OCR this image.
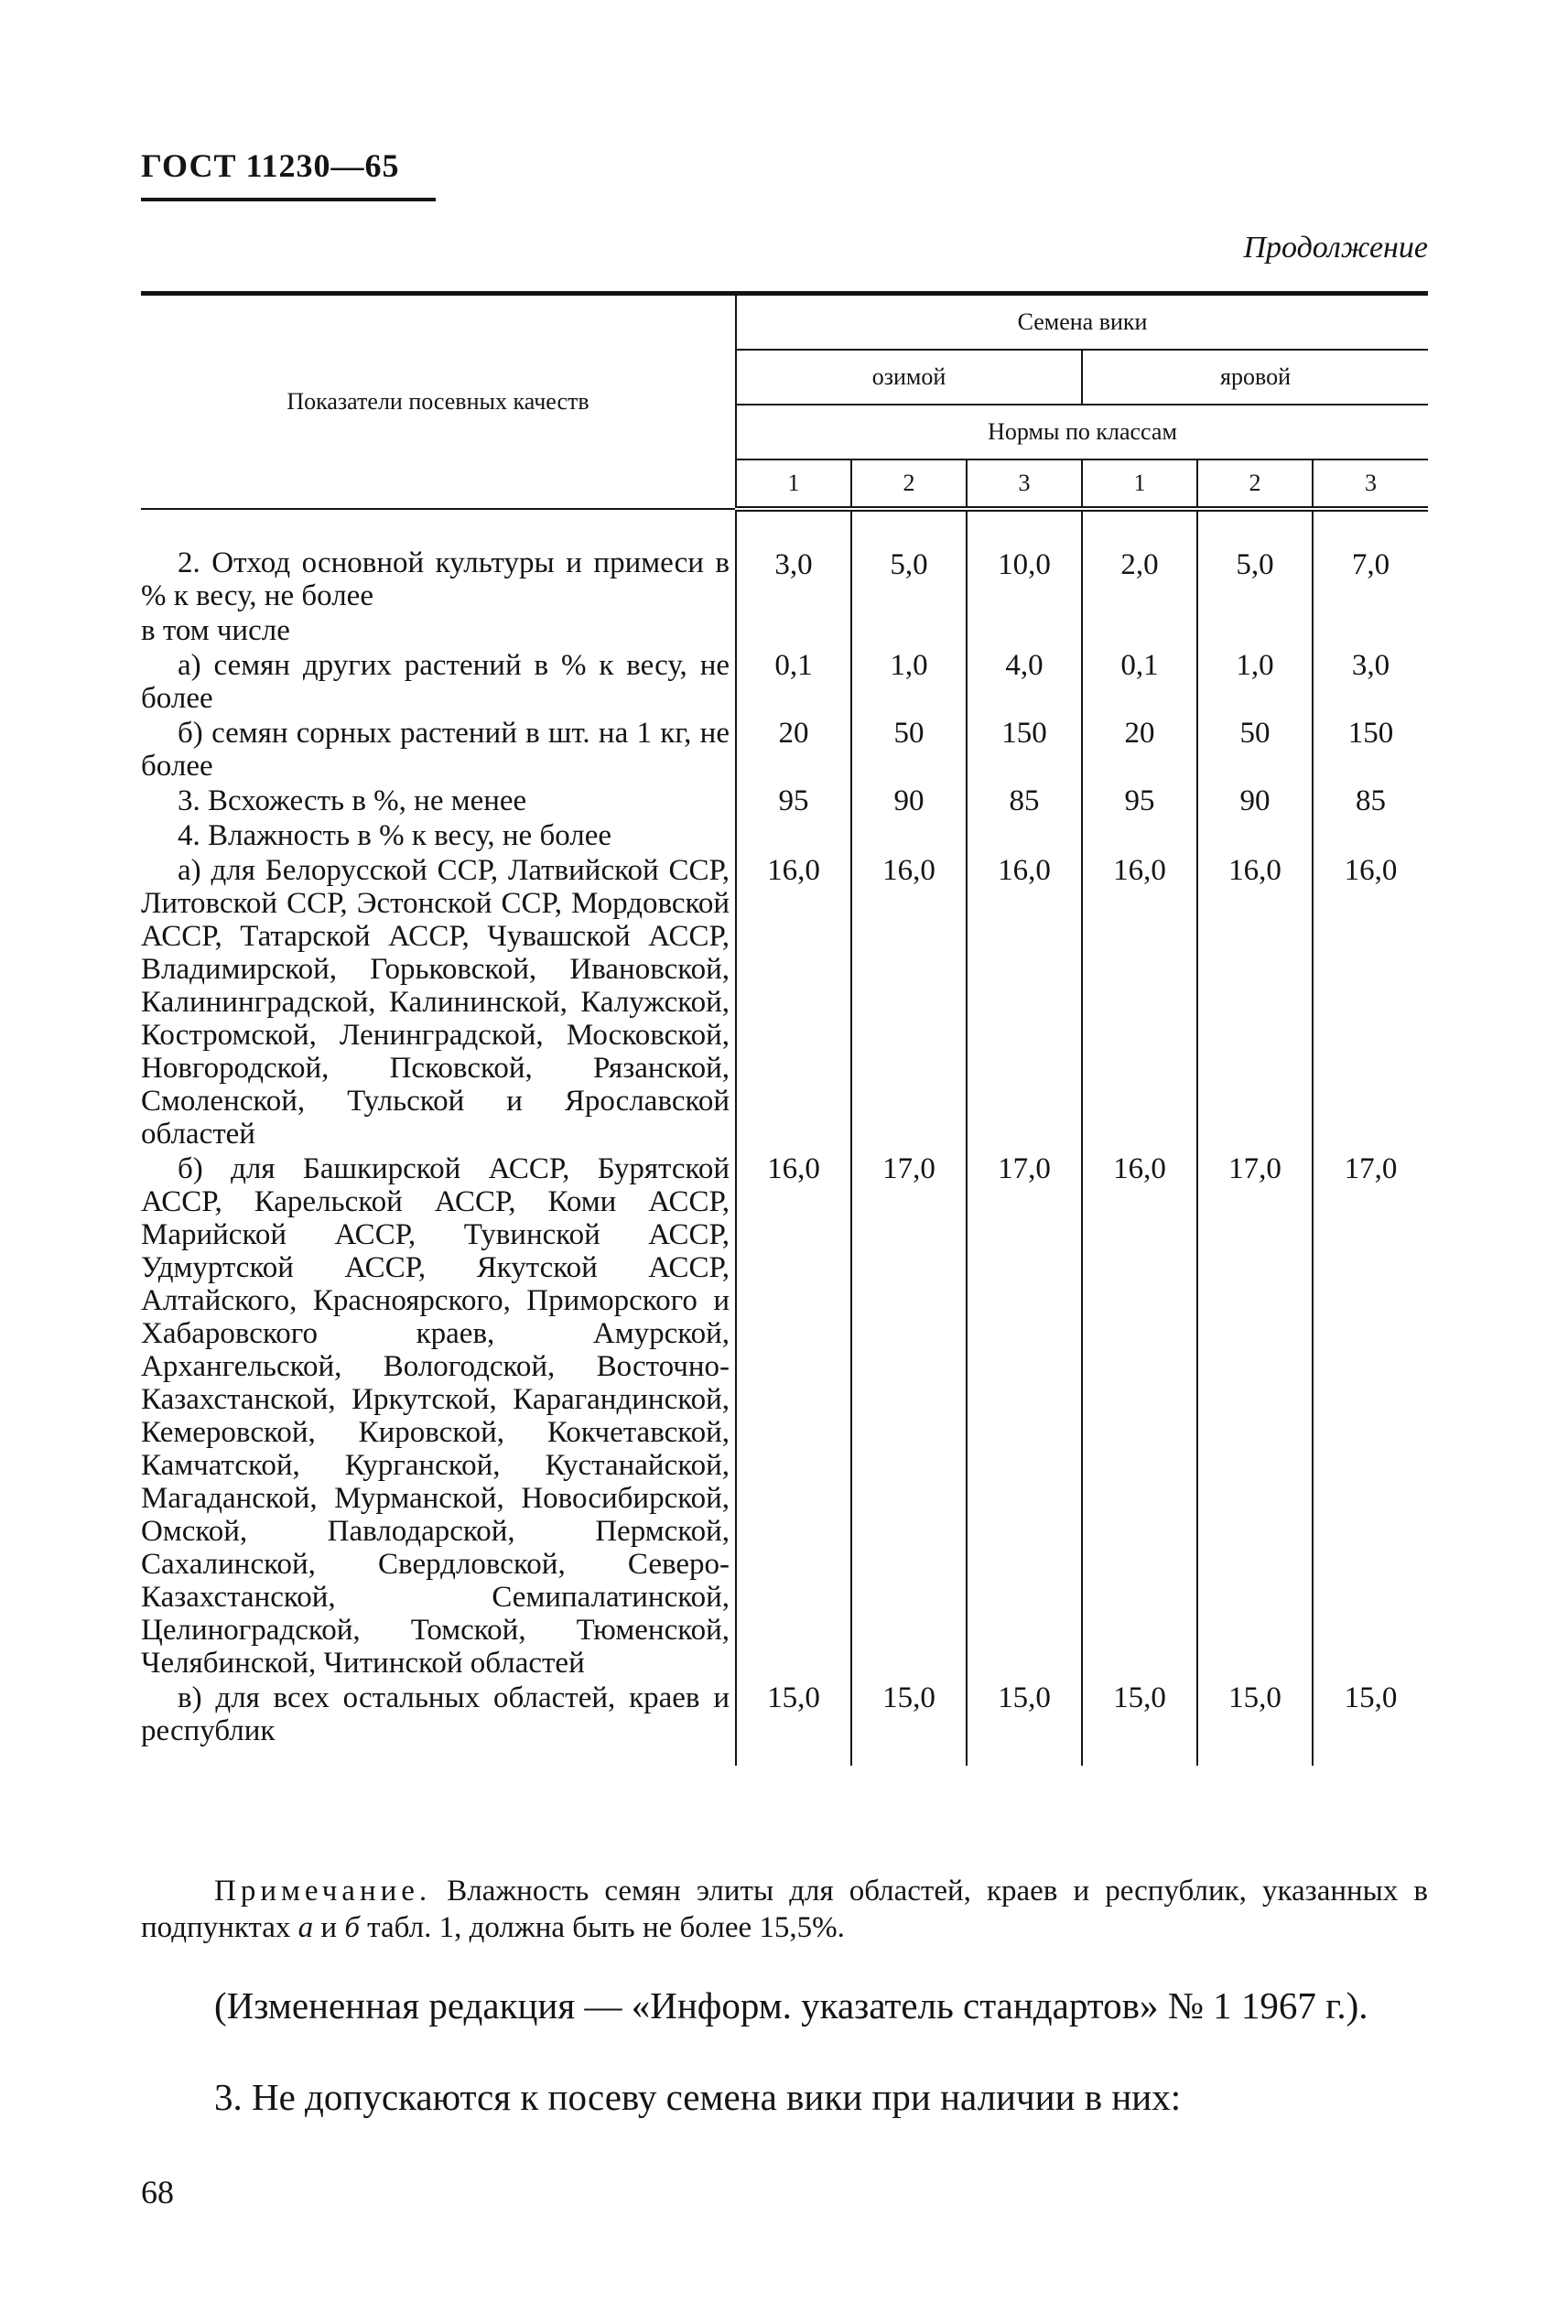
ГОСТ 11230—65
Продолжение
Показатели посевных качеств	Семена вики					
	озимой			яровой		
	Нормы по классам					
	1	2	3	1	2	3
2. Отход основной культуры и примеси в % к весу, не более	3,0	5,0	10,0	2,0	5,0	7,0
в том числе						
а) семян других растений в % к весу, не более	0,1	1,0	4,0	0,1	1,0	3,0
б) семян сорных растений в шт. на 1 кг, не более	20	50	150	20	50	150
3. Всхожесть в %, не менее	95	90	85	95	90	85
4. Влажность в % к весу, не более						
а) для Белорусской ССР, Латвийской ССР, Литовской ССР, Эстонской ССР, Мордовской АССР, Татарской АССР, Чувашской АССР, Владимирской, Горьковской, Ивановской, Калининградской, Калининской, Калужской, Костромской, Ленинградской, Московской, Новгородской, Псковской, Рязанской, Смоленской, Тульской и Ярославской областей	16,0	16,0	16,0	16,0	16,0	16,0
б) для Башкирской АССР, Бурятской АССР, Карельской АССР, Коми АССР, Марийской АССР, Тувинской АССР, Удмуртской АССР, Якутской АССР, Алтайского, Красноярского, Приморского и Хабаровского краев, Амурской, Архангельской, Вологодской, Восточно-Казахстанской, Иркутской, Карагандинской, Кемеровской, Кировской, Кокчетавской, Камчатской, Курганской, Кустанайской, Магаданской, Мурманской, Новосибирской, Омской, Павлодарской, Пермской, Сахалинской, Свердловской, Северо-Казахстанской, Семипалатинской, Целиноградской, Томской, Тюменской, Челябинской, Читинской областей	16,0	17,0	17,0	16,0	17,0	17,0
в) для всех остальных областей, краев и республик	15,0	15,0	15,0	15,0	15,0	15,0
Примечание. Влажность семян элиты для областей, краев и республик, указанных в подпунктах а и б табл. 1, должна быть не более 15,5%.
(Измененная редакция — «Информ. указатель стандартов» № 1 1967 г.).
3. Не допускаются к посеву семена вики при наличии в них:
68
